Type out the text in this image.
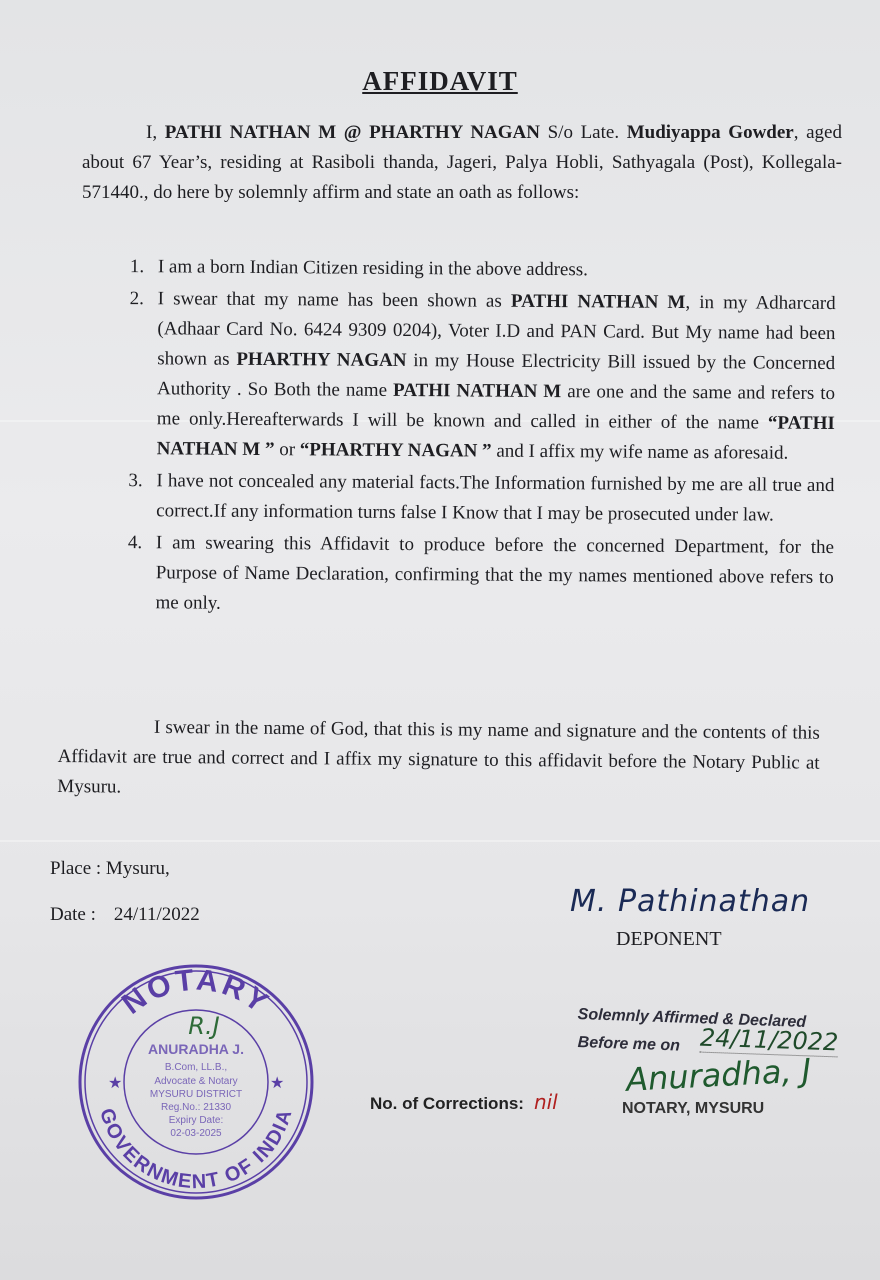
AFFIDAVIT
I, PATHI NATHAN M @ PHARTHY NAGAN S/o Late. Mudiyappa Gowder, aged about 67 Year’s, residing at Rasiboli thanda, Jageri, Palya Hobli, Sathyagala (Post), Kollegala-571440., do here by solemnly affirm and state an oath as follows:
1. I am a born Indian Citizen residing in the above address.
2. I swear that my name has been shown as PATHI NATHAN M, in my Adharcard (Adhaar Card No. 6424 9309 0204), Voter I.D and PAN Card. But My name had been shown as PHARTHY NAGAN in my House Electricity Bill issued by the Concerned Authority . So Both the name PATHI NATHAN M are one and the same and refers to me only.Hereafterwards I will be known and called in either of the name “PATHI NATHAN M ” or “PHARTHY NAGAN ” and I affix my wife name as aforesaid.
3. I have not concealed any material facts.The Information furnished by me are all true and correct.If any information turns false I Know that I may be prosecuted under law.
4. I am swearing this Affidavit to produce before the concerned Department, for the Purpose of Name Declaration, confirming that the my names mentioned above refers to me only.
I swear in the name of God, that this is my name and signature and the contents of this Affidavit are true and correct and I affix my signature to this affidavit before the Notary Public at Mysuru.
Place : Mysuru,
Date : 24/11/2022	M. Pathinathan
DEPONENT
Solemnly Affirmed & Declared
Before me on 24/11/2022
Anuradha, J
NOTARY, MYSURU
No. of Corrections: nil
NOTARY
GOVERNMENT OF INDIA
★	★
R.J
ANURADHA J.
B.Com, LL.B.,
Advocate & Notary
MYSURU DISTRICT
Reg.No.: 21330
Expiry Date:
02-03-2025
